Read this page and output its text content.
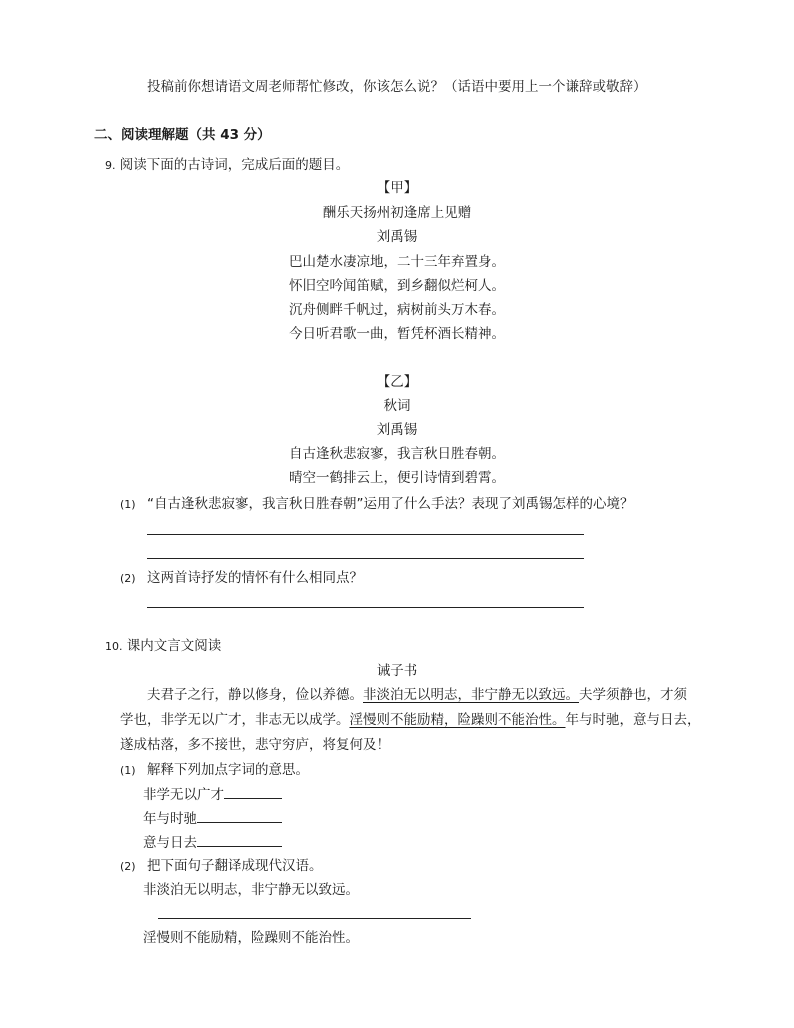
投稿前你想请语文周老师帮忙修改，你该怎么说？（话语中要用上一个谦辞或敬辞）
二、阅读理解题（共 43 分）
9. 阅读下面的古诗词，完成后面的题目。
【甲】
酬乐天扬州初逢席上见赠
刘禹锡
巴山楚水凄凉地，二十三年弃置身。
怀旧空吟闻笛赋，到乡翻似烂柯人。
沉舟侧畔千帆过，病树前头万木春。
今日听君歌一曲，暂凭杯酒长精神。
【乙】
秋词
刘禹锡
自古逢秋悲寂寥，我言秋日胜春朝。
晴空一鹤排云上，便引诗情到碧霄。
(1) “自古逢秋悲寂寥，我言秋日胜春朝”运用了什么手法？表现了刘禹锡怎样的心境？
(2) 这两首诗抒发的情怀有什么相同点？
10. 课内文言文阅读
诫子书
夫君子之行，静以修身，俭以养德。非淡泊无以明志，非宁静无以致远。夫学须静也，才须
学也，非学无以广才，非志无以成学。淫慢则不能励精，险躁则不能治性。年与时驰，意与日去，
遂成枯落，多不接世，悲守穷庐，将复何及！
(1) 解释下列加点字词的意思。
非学无以广才
年与时驰
意与日去
(2) 把下面句子翻译成现代汉语。
非淡泊无以明志，非宁静无以致远。
淫慢则不能励精，险躁则不能治性。
